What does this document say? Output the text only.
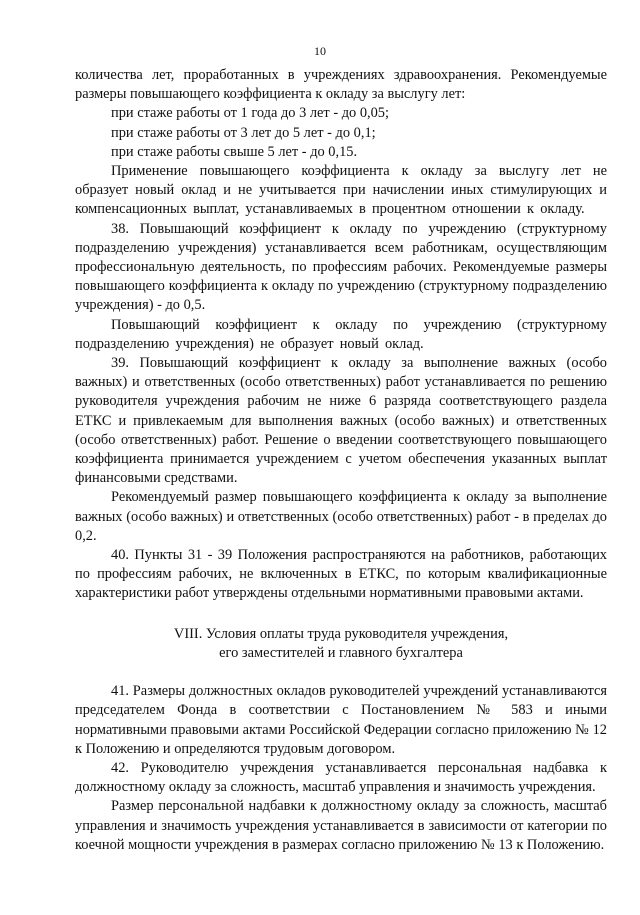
10

количества лет, проработанных в учреждениях здравоохранения. Рекомендуемые размеры повышающего коэффициента к окладу за выслугу лет:

при стаже работы от 1 года до 3 лет - до 0,05;

при стаже работы от 3 лет до 5 лет - до 0,1;

при стаже работы свыше 5 лет - до 0,15.

Применение повышающего коэффициента к окладу за выслугу лет не образует новый оклад и не учитывается при начислении иных стимулирующих и компенсационных выплат, устанавливаемых в процентном отношении к окладу.

38. Повышающий коэффициент к окладу по учреждению (структурному подразделению учреждения) устанавливается всем работникам, осуществляющим профессиональную деятельность, по профессиям рабочих. Рекомендуемые размеры повышающего коэффициента к окладу по учреждению (структурному подразделению учреждения) - до 0,5.

Повышающий коэффициент к окладу по учреждению (структурному подразделению учреждения) не образует новый оклад.

39. Повышающий коэффициент к окладу за выполнение важных (особо важных) и ответственных (особо ответственных) работ устанавливается по решению руководителя учреждения рабочим не ниже 6 разряда соответствующего раздела ЕТКС и привлекаемым для выполнения важных (особо важных) и ответственных (особо ответственных) работ. Решение о введении соответствующего повышающего коэффициента принимается учреждением с учетом обеспечения указанных выплат финансовыми средствами.

Рекомендуемый размер повышающего коэффициента к окладу за выполнение важных (особо важных) и ответственных (особо ответственных) работ - в пределах до 0,2.

40. Пункты 31 - 39 Положения распространяются на работников, работающих по профессиям рабочих, не включенных в ЕТКС, по которым квалификационные характеристики работ утверждены отдельными нормативными правовыми актами.

VIII. Условия оплаты труда руководителя учреждения,
его заместителей и главного бухгалтера

41. Размеры должностных окладов руководителей учреждений устанавливаются председателем Фонда в соответствии с Постановлением № 583 и иными нормативными правовыми актами Российской Федерации согласно приложению № 12 к Положению и определяются трудовым договором.

42. Руководителю учреждения устанавливается персональная надбавка к должностному окладу за сложность, масштаб управления и значимость учреждения.

Размер персональной надбавки к должностному окладу за сложность, масштаб управления и значимость учреждения устанавливается в зависимости от категории по коечной мощности учреждения в размерах согласно приложению № 13 к Положению.
